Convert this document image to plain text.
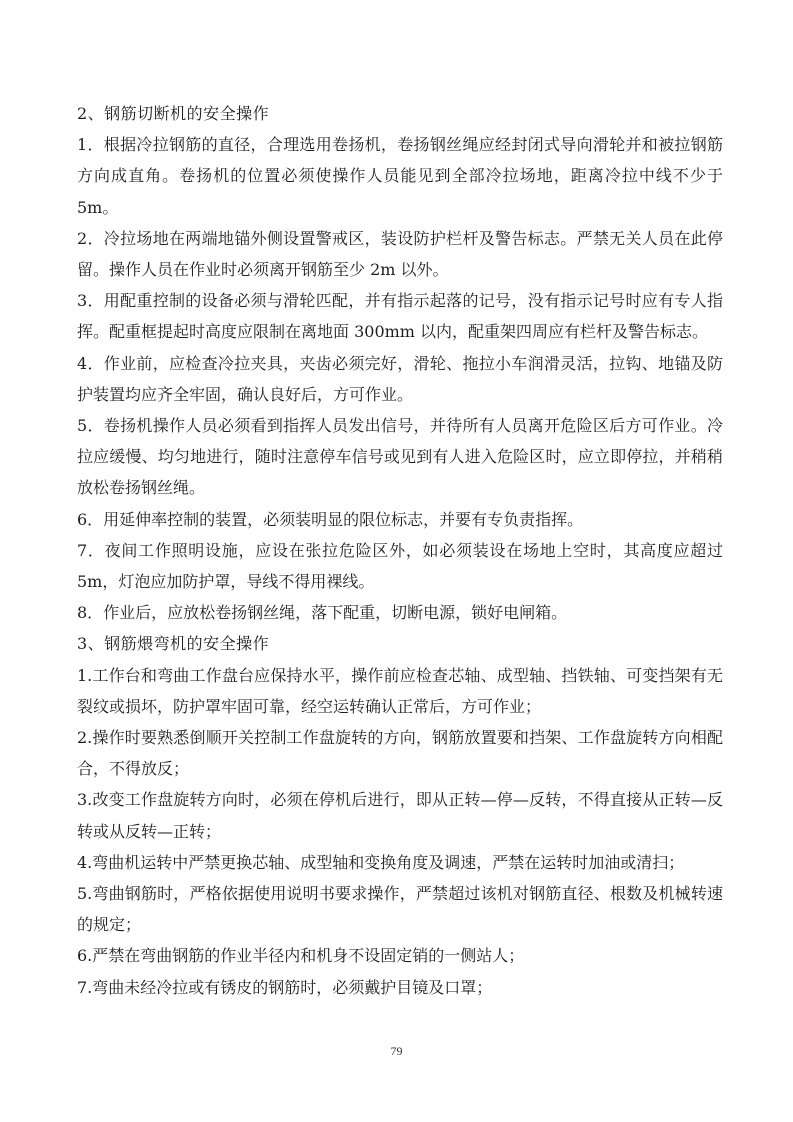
2、钢筋切断机的安全操作

1．根据冷拉钢筋的直径，合理选用卷扬机，卷扬钢丝绳应经封闭式导向滑轮并和被拉钢筋方向成直角。卷扬机的位置必须使操作人员能见到全部冷拉场地，距离冷拉中线不少于 5m。

2．冷拉场地在两端地锚外侧设置警戒区，装设防护栏杆及警告标志。严禁无关人员在此停留。操作人员在作业时必须离开钢筋至少 2m 以外。

3．用配重控制的设备必须与滑轮匹配，并有指示起落的记号，没有指示记号时应有专人指挥。配重框提起时高度应限制在离地面 300mm 以内，配重架四周应有栏杆及警告标志。

4．作业前，应检查冷拉夹具，夹齿必须完好，滑轮、拖拉小车润滑灵活，拉钩、地锚及防护装置均应齐全牢固，确认良好后，方可作业。

5．卷扬机操作人员必须看到指挥人员发出信号，并待所有人员离开危险区后方可作业。冷拉应缓慢、均匀地进行，随时注意停车信号或见到有人进入危险区时，应立即停拉，并稍稍放松卷扬钢丝绳。

6．用延伸率控制的装置，必须装明显的限位标志，并要有专负责指挥。

7．夜间工作照明设施，应设在张拉危险区外，如必须装设在场地上空时，其高度应超过 5m，灯泡应加防护罩，导线不得用裸线。

8．作业后，应放松卷扬钢丝绳，落下配重，切断电源，锁好电闸箱。

3、钢筋煨弯机的安全操作

1.工作台和弯曲工作盘台应保持水平，操作前应检查芯轴、成型轴、挡铁轴、可变挡架有无裂纹或损坏，防护罩牢固可靠，经空运转确认正常后，方可作业；

2.操作时要熟悉倒顺开关控制工作盘旋转的方向，钢筋放置要和挡架、工作盘旋转方向相配合，不得放反；

3.改变工作盘旋转方向时，必须在停机后进行，即从正转—停—反转，不得直接从正转—反转或从反转—正转；

4.弯曲机运转中严禁更换芯轴、成型轴和变换角度及调速，严禁在运转时加油或清扫；

5.弯曲钢筋时，严格依据使用说明书要求操作，严禁超过该机对钢筋直径、根数及机械转速的规定；

6.严禁在弯曲钢筋的作业半径内和机身不设固定销的一侧站人；

7.弯曲未经冷拉或有锈皮的钢筋时，必须戴护目镜及口罩；

79
